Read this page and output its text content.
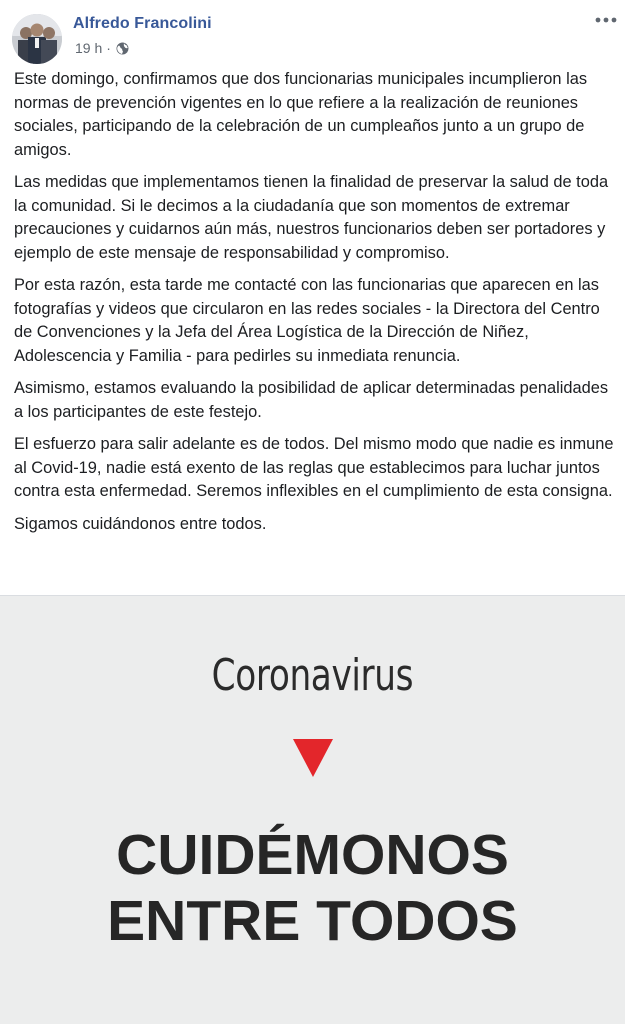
Alfredo Francolini
19 h ·

Este domingo, confirmamos que dos funcionarias municipales incumplieron las normas de prevención vigentes en lo que refiere a la realización de reuniones sociales, participando de la celebración de un cumpleaños junto a un grupo de amigos.

Las medidas que implementamos tienen la finalidad de preservar la salud de toda la comunidad. Si le decimos a la ciudadanía que son momentos de extremar precauciones y cuidarnos aún más, nuestros funcionarios deben ser portadores y ejemplo de este mensaje de responsabilidad y compromiso.

Por esta razón, esta tarde me contacté con las funcionarias que aparecen en las fotografías y videos que circularon en las redes sociales - la Directora del Centro de Convenciones y la Jefa del Área Logística de la Dirección de Niñez, Adolescencia y Familia - para pedirles su inmediata renuncia.

Asimismo, estamos evaluando la posibilidad de aplicar determinadas penalidades a los participantes de este festejo.

El esfuerzo para salir adelante es de todos. Del mismo modo que nadie es inmune al Covid-19, nadie está exento de las reglas que establecimos para luchar juntos contra esta enfermedad. Seremos inflexibles en el cumplimiento de esta consigna.

Sigamos cuidándonos entre todos.

Coronavirus
CUIDÉMONOS
ENTRE TODOS
